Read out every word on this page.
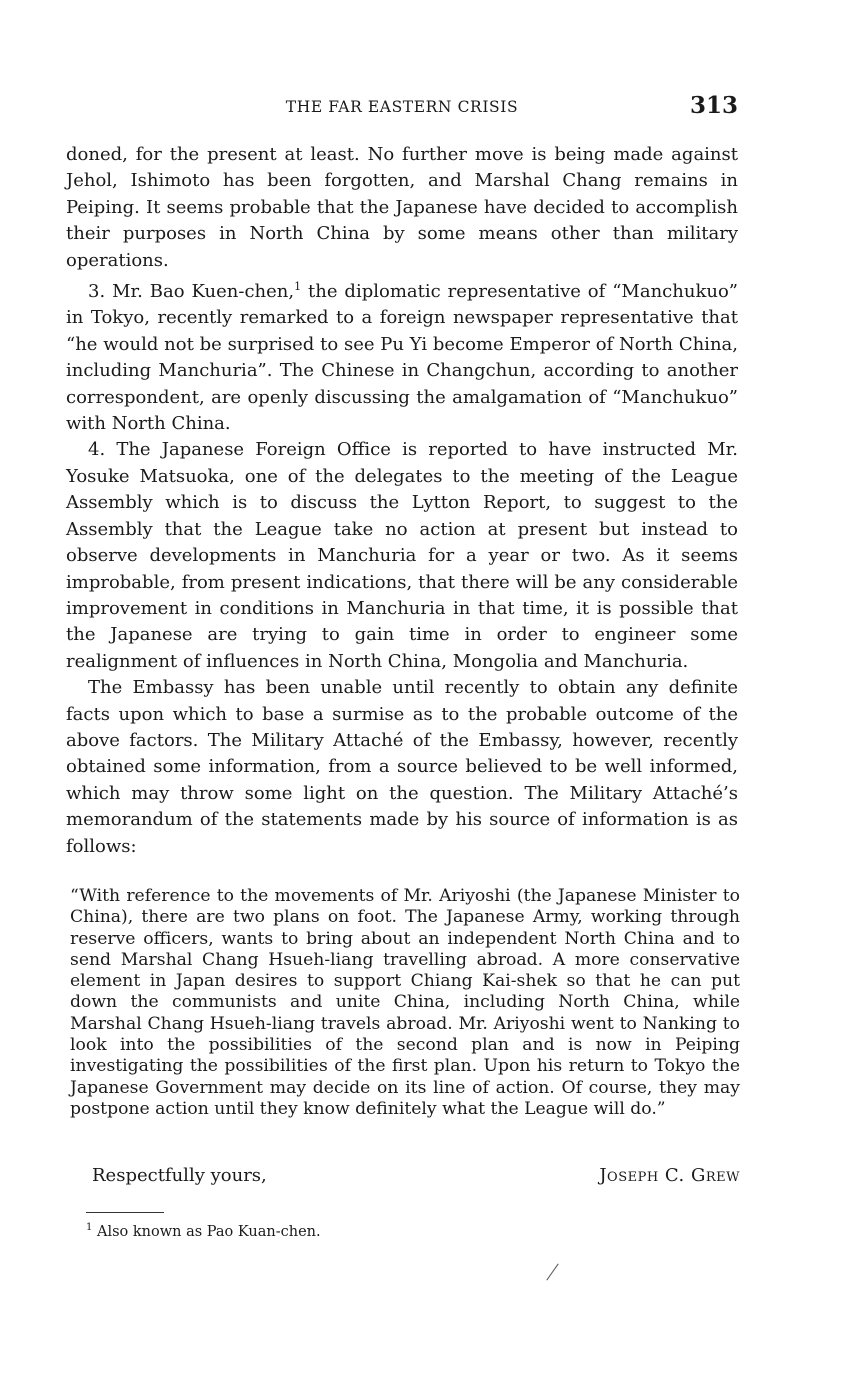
THE FAR EASTERN CRISIS	313

doned, for the present at least. No further move is being made against Jehol, Ishimoto has been forgotten, and Marshal Chang remains in Peiping. It seems probable that the Japanese have decided to accomplish their purposes in North China by some means other than military operations.

3. Mr. Bao Kuen-chen,$^1$ the diplomatic representative of “Manchukuo” in Tokyo, recently remarked to a foreign newspaper representative that “he would not be surprised to see Pu Yi become Emperor of North China, including Manchuria”. The Chinese in Changchun, according to another correspondent, are openly discussing the amalgamation of “Manchukuo” with North China.

4. The Japanese Foreign Office is reported to have instructed Mr. Yosuke Matsuoka, one of the delegates to the meeting of the League Assembly which is to discuss the Lytton Report, to suggest to the Assembly that the League take no action at present but instead to observe developments in Manchuria for a year or two. As it seems improbable, from present indications, that there will be any considerable improvement in conditions in Manchuria in that time, it is possible that the Japanese are trying to gain time in order to engineer some realignment of influences in North China, Mongolia and Manchuria.

The Embassy has been unable until recently to obtain any definite facts upon which to base a surmise as to the probable outcome of the above factors. The Military Attaché of the Embassy, however, recently obtained some information, from a source believed to be well informed, which may throw some light on the question. The Military Attaché’s memorandum of the statements made by his source of information is as follows:

“With reference to the movements of Mr. Ariyoshi (the Japanese Minister to China), there are two plans on foot. The Japanese Army, working through reserve officers, wants to bring about an independent North China and to send Marshal Chang Hsueh-liang travelling abroad. A more conservative element in Japan desires to support Chiang Kai-shek so that he can put down the communists and unite China, including North China, while Marshal Chang Hsueh-liang travels abroad. Mr. Ariyoshi went to Nanking to look into the possibilities of the second plan and is now in Peiping investigating the possibilities of the first plan. Upon his return to Tokyo the Japanese Government may decide on its line of action. Of course, they may postpone action until they know definitely what the League will do.”
Respectfully yours,	Joseph C. Grew
$^1$ Also known as Pao Kuan-chen.
